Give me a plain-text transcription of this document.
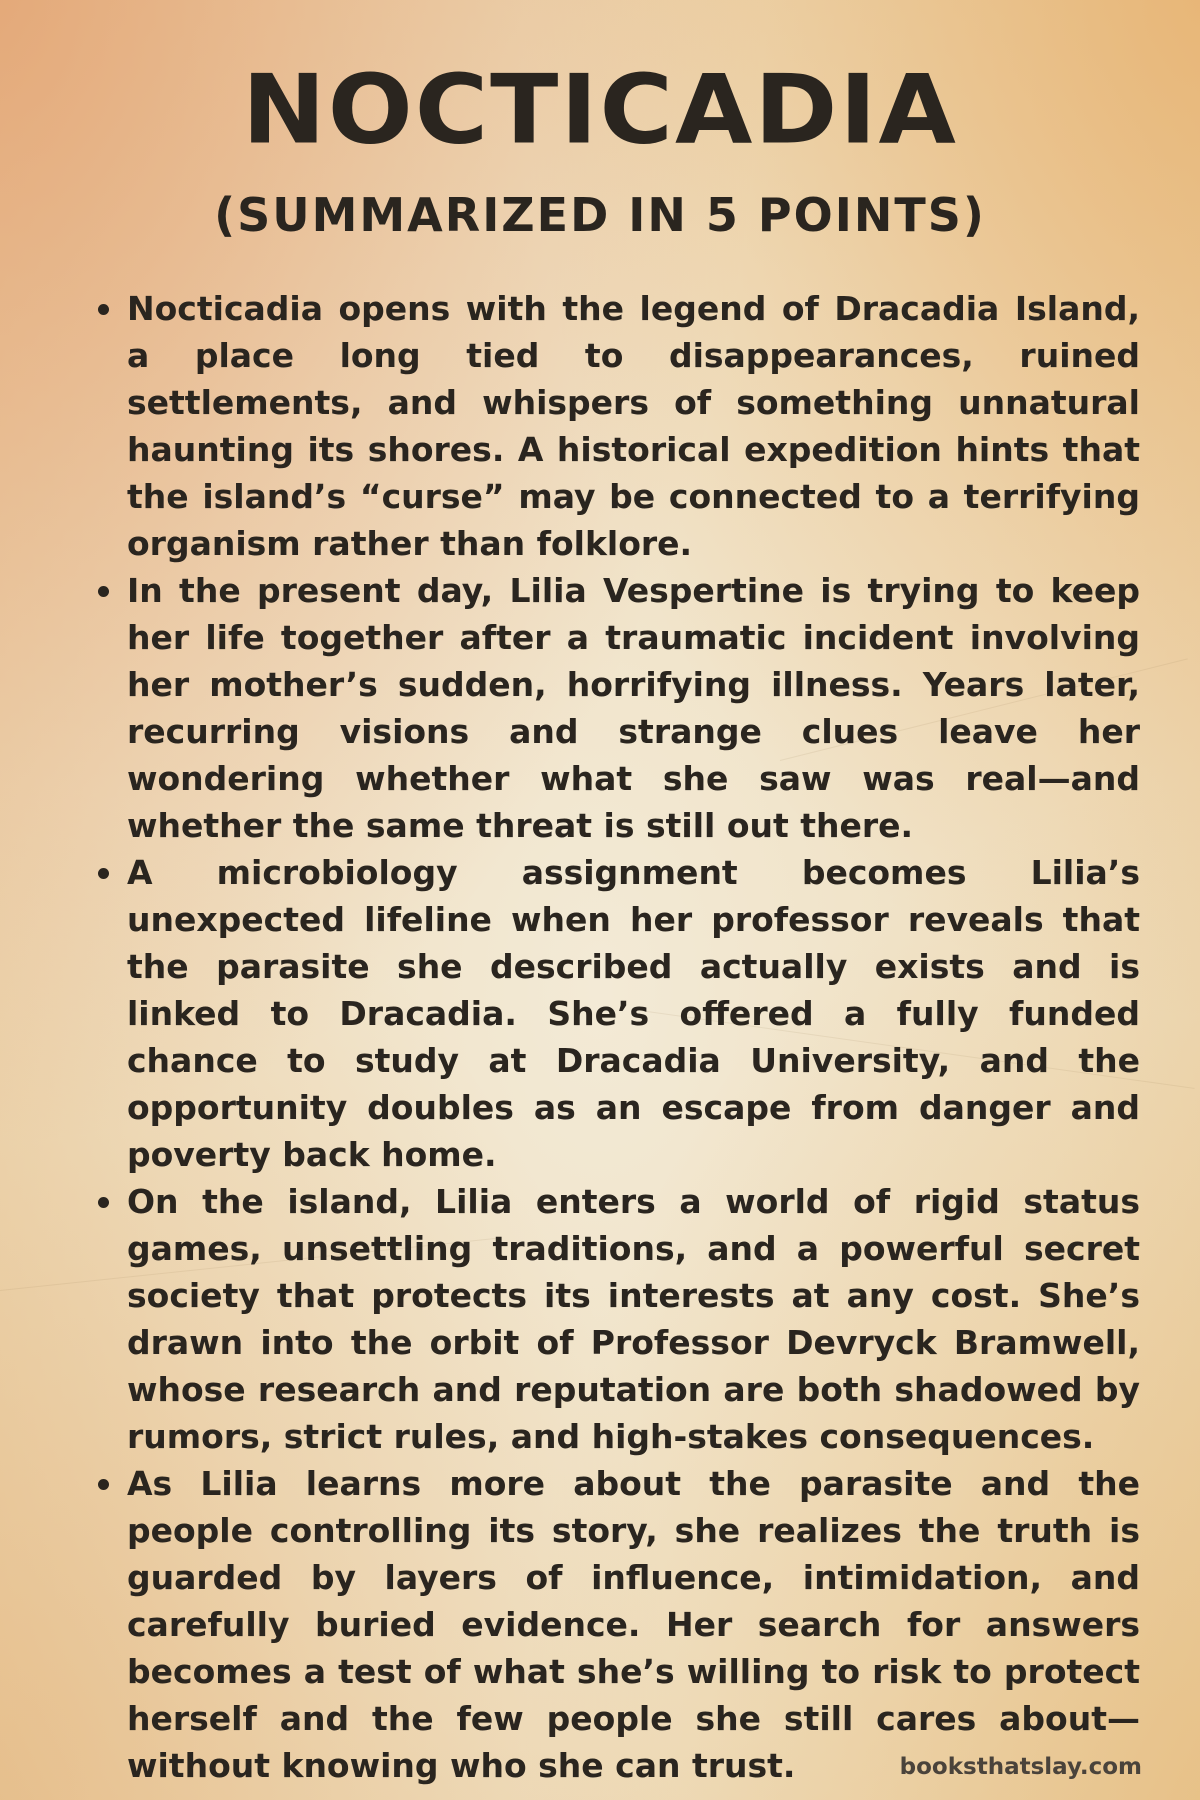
NOCTICADIA
(SUMMARIZED IN 5 POINTS)
Nocticadia opens with the legend of Dracadia Island, a place long tied to disappearances, ruined settlements, and whispers of something unnatural haunting its shores. A historical expedition hints that the island’s “curse” may be connected to a terrifying organism rather than folklore.
In the present day, Lilia Vespertine is trying to keep her life together after a traumatic incident involving her mother’s sudden, horrifying illness. Years later, recurring visions and strange clues leave her wondering whether what she saw was real—and whether the same threat is still out there.
A microbiology assignment becomes Lilia’s unexpected lifeline when her professor reveals that the parasite she described actually exists and is linked to Dracadia. She’s offered a fully funded chance to study at Dracadia University, and the opportunity doubles as an escape from danger and poverty back home.
On the island, Lilia enters a world of rigid status games, unsettling traditions, and a powerful secret society that protects its interests at any cost. She’s drawn into the orbit of Professor Devryck Bramwell, whose research and reputation are both shadowed by rumors, strict rules, and high-stakes consequences.
As Lilia learns more about the parasite and the people controlling its story, she realizes the truth is guarded by layers of influence, intimidation, and carefully buried evidence. Her search for answers becomes a test of what she’s willing to risk to protect herself and the few people she still cares about—without knowing who she can trust.	booksthatslay.com
